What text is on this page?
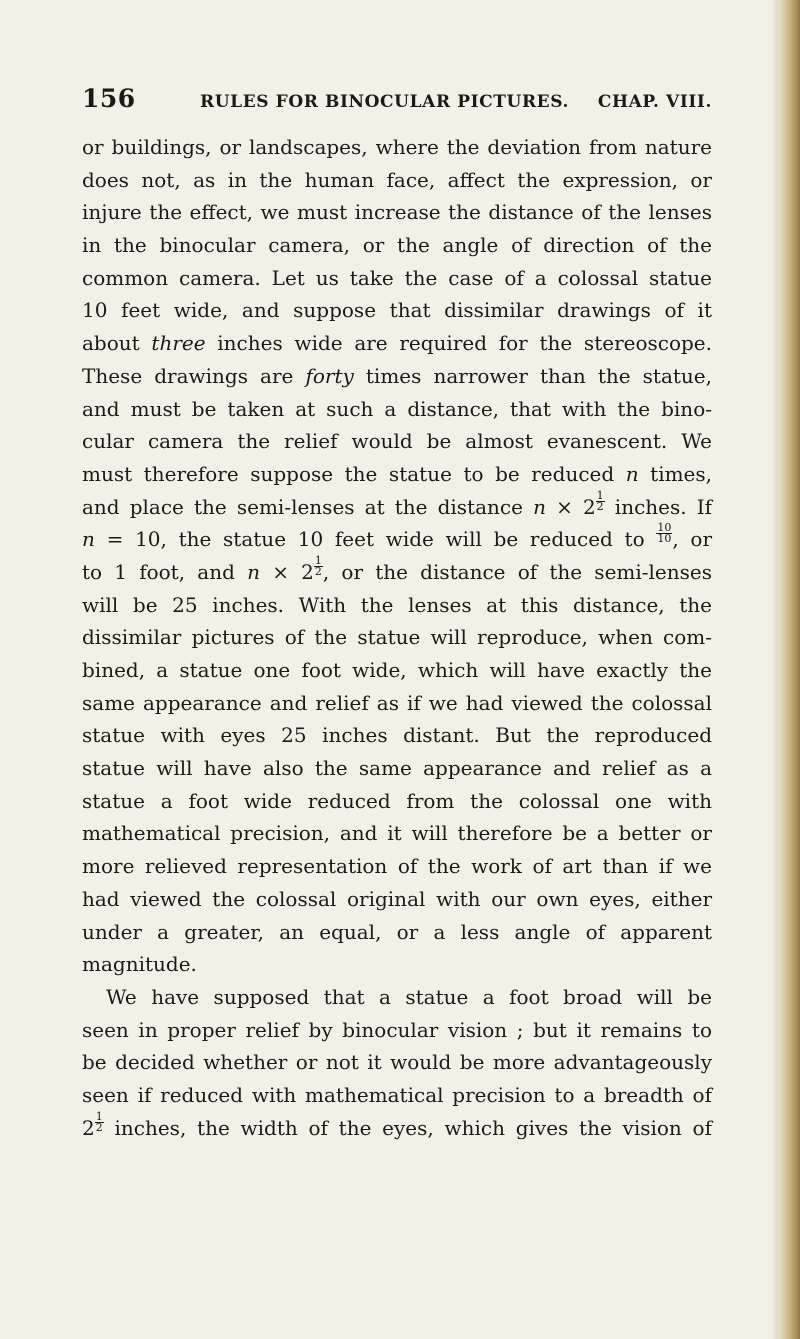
156	RULES FOR BINOCULAR PICTURES. CHAP. VIII.
or buildings, or landscapes, where the deviation from nature
does not, as in the human face, affect the expression, or
injure the effect, we must increase the distance of the lenses
in the binocular camera, or the angle of direction of the
common camera. Let us take the case of a colossal statue
10 feet wide, and suppose that dissimilar drawings of it
about three inches wide are required for the stereoscope.
These drawings are forty times narrower than the statue,
and must be taken at such a distance, that with the bino-
cular camera the relief would be almost evanescent. We
must therefore suppose the statue to be reduced n times,
and place the semi-lenses at the distance $n \times 2 \frac{1}{2}$ inches. If
n = 10, the statue 10 feet wide will be reduced to $\frac{10}{10}$ , or
to 1 foot, and $n \times 2 \frac{1}{2}$ , or the distance of the semi-lenses
will be 25 inches. With the lenses at this distance, the
dissimilar pictures of the statue will reproduce, when com-
bined, a statue one foot wide, which will have exactly the
same appearance and relief as if we had viewed the colossal
statue with eyes 25 inches distant. But the reproduced
statue will have also the same appearance and relief as a
statue a foot wide reduced from the colossal one with
mathematical precision, and it will therefore be a better or
more relieved representation of the work of art than if we
had viewed the colossal original with our own eyes, either
under a greater, an equal, or a less angle of apparent
magnitude.
We have supposed that a statue a foot broad will be
seen in proper relief by binocular vision ; but it remains to
be decided whether or not it would be more advantageously
seen if reduced with mathematical precision to a breadth of
$2 \frac{1}{2}$ inches, the width of the eyes, which gives the vision of
